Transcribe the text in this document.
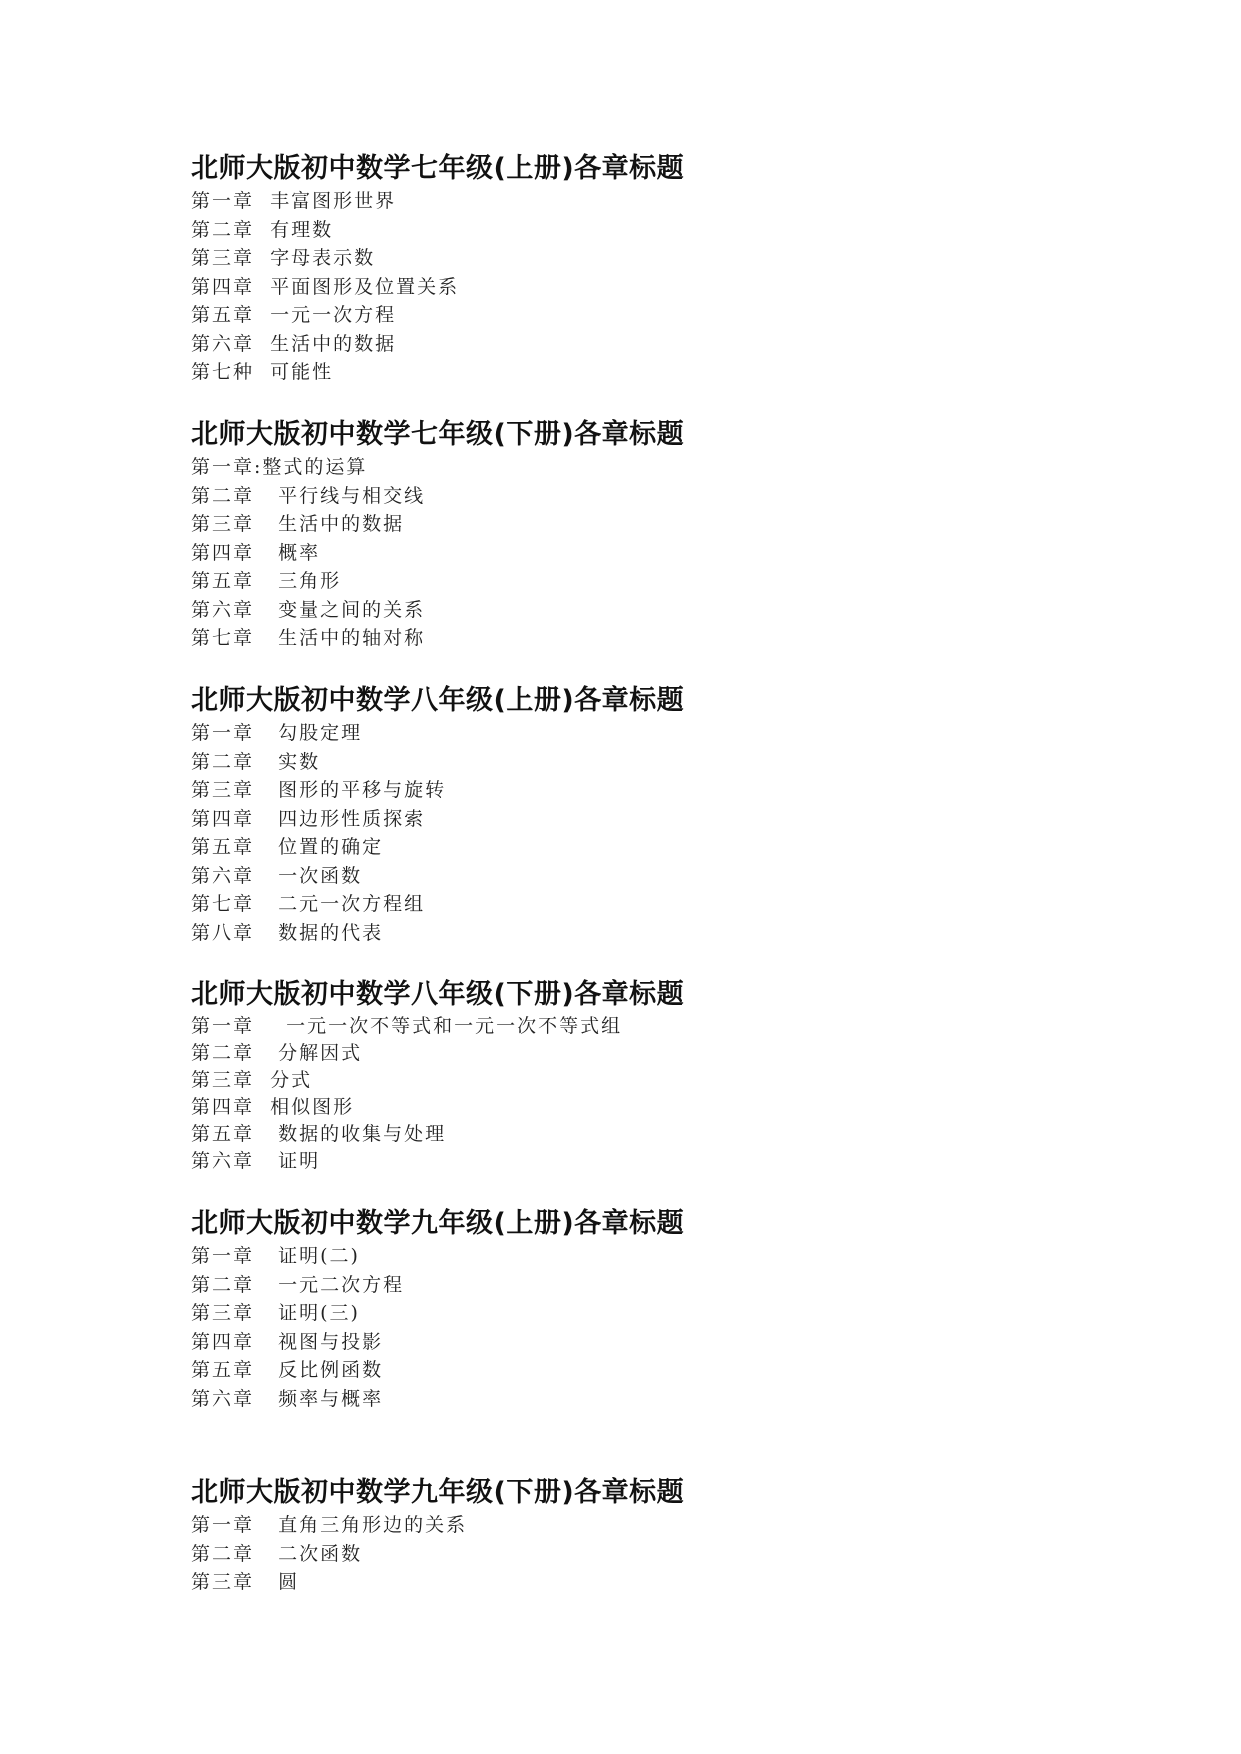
北师大版初中数学七年级(上册)各章标题
第一章  丰富图形世界
第二章  有理数
第三章  字母表示数
第四章  平面图形及位置关系
第五章  一元一次方程
第六章  生活中的数据
第七种  可能性
北师大版初中数学七年级(下册)各章标题
第一章:整式的运算
第二章   平行线与相交线
第三章   生活中的数据
第四章   概率
第五章   三角形
第六章   变量之间的关系
第七章   生活中的轴对称
北师大版初中数学八年级(上册)各章标题
第一章   勾股定理
第二章   实数
第三章   图形的平移与旋转
第四章   四边形性质探索
第五章   位置的确定
第六章   一次函数
第七章   二元一次方程组
第八章   数据的代表
北师大版初中数学八年级(下册)各章标题
第一章    一元一次不等式和一元一次不等式组
第二章   分解因式
第三章  分式
第四章  相似图形
第五章   数据的收集与处理
第六章   证明
北师大版初中数学九年级(上册)各章标题
第一章   证明(二)
第二章   一元二次方程
第三章   证明(三)
第四章   视图与投影
第五章   反比例函数
第六章   频率与概率
北师大版初中数学九年级(下册)各章标题
第一章   直角三角形边的关系
第二章   二次函数
第三章   圆
